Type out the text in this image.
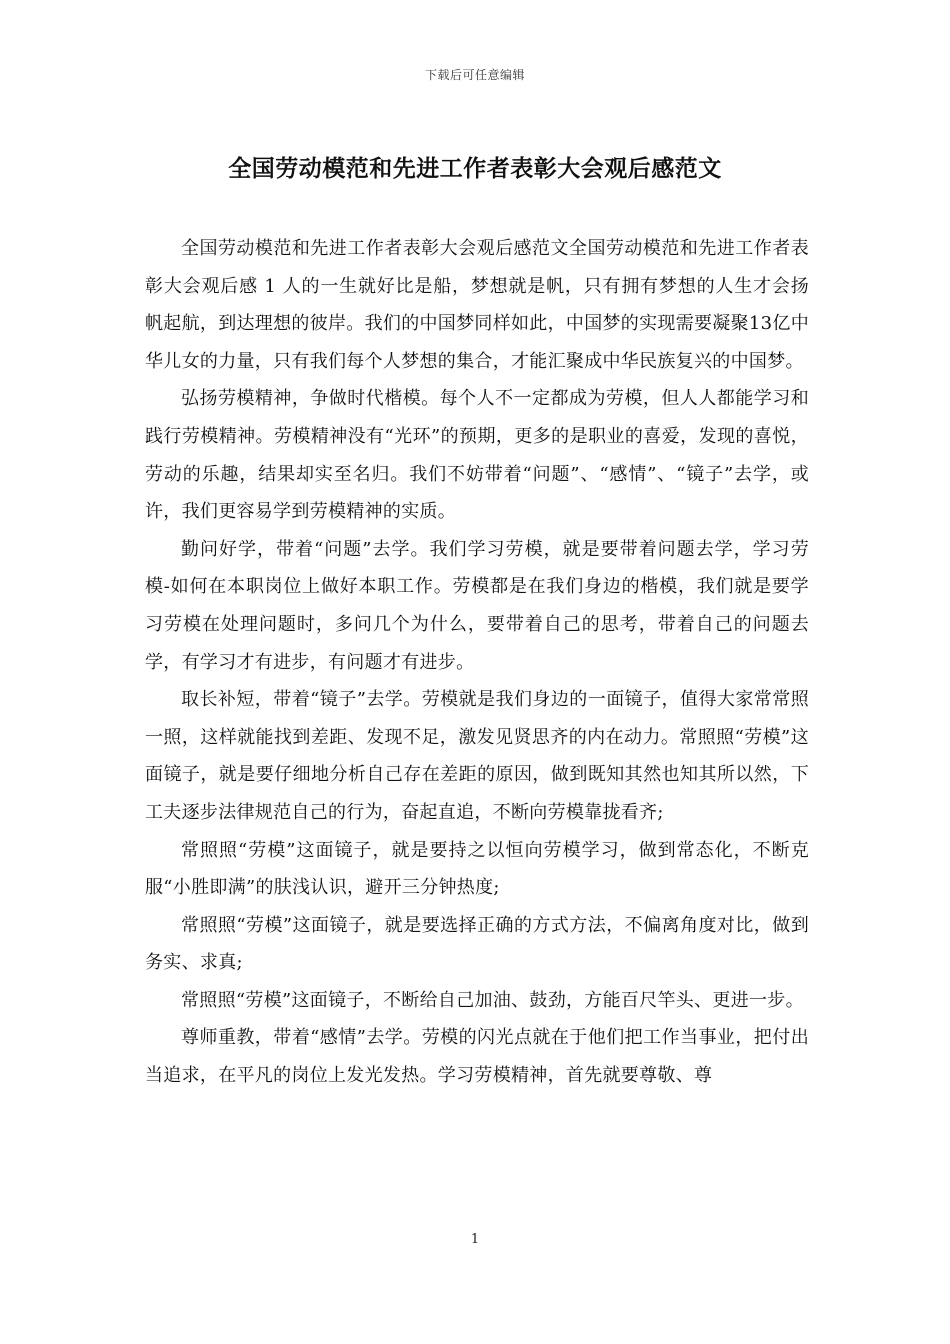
下载后可任意编辑
全国劳动模范和先进工作者表彰大会观后感范文

全国劳动模范和先进工作者表彰大会观后感范文全国劳动模范和先进工作者表彰大会观后感 1 人的一生就好比是船，梦想就是帆，只有拥有梦想的人生才会扬帆起航，到达理想的彼岸。我们的中国梦同样如此，中国梦的实现需要凝聚13亿中华儿女的力量，只有我们每个人梦想的集合，才能汇聚成中华民族复兴的中国梦。

弘扬劳模精神，争做时代楷模。每个人不一定都成为劳模，但人人都能学习和践行劳模精神。劳模精神没有“光环”的预期，更多的是职业的喜爱，发现的喜悦，劳动的乐趣，结果却实至名归。我们不妨带着“问题”、“感情”、“镜子”去学，或许，我们更容易学到劳模精神的实质。

勤问好学，带着“问题”去学。我们学习劳模，就是要带着问题去学，学习劳模-如何在本职岗位上做好本职工作。劳模都是在我们身边的楷模，我们就是要学习劳模在处理问题时，多问几个为什么，要带着自己的思考，带着自己的问题去学，有学习才有进步，有问题才有进步。

取长补短，带着“镜子”去学。劳模就是我们身边的一面镜子，值得大家常常照一照，这样就能找到差距、发现不足，激发见贤思齐的内在动力。常照照“劳模”这面镜子，就是要仔细地分析自己存在差距的原因，做到既知其然也知其所以然，下工夫逐步法律规范自己的行为，奋起直追，不断向劳模靠拢看齐;

常照照“劳模”这面镜子，就是要持之以恒向劳模学习，做到常态化，不断克服“小胜即满”的肤浅认识，避开三分钟热度;

常照照“劳模”这面镜子，就是要选择正确的方式方法，不偏离角度对比，做到务实、求真;

常照照“劳模”这面镜子，不断给自己加油、鼓劲，方能百尺竿头、更进一步。

尊师重教，带着“感情”去学。劳模的闪光点就在于他们把工作当事业，把付出当追求，在平凡的岗位上发光发热。学习劳模精神，首先就要尊敬、尊

1
